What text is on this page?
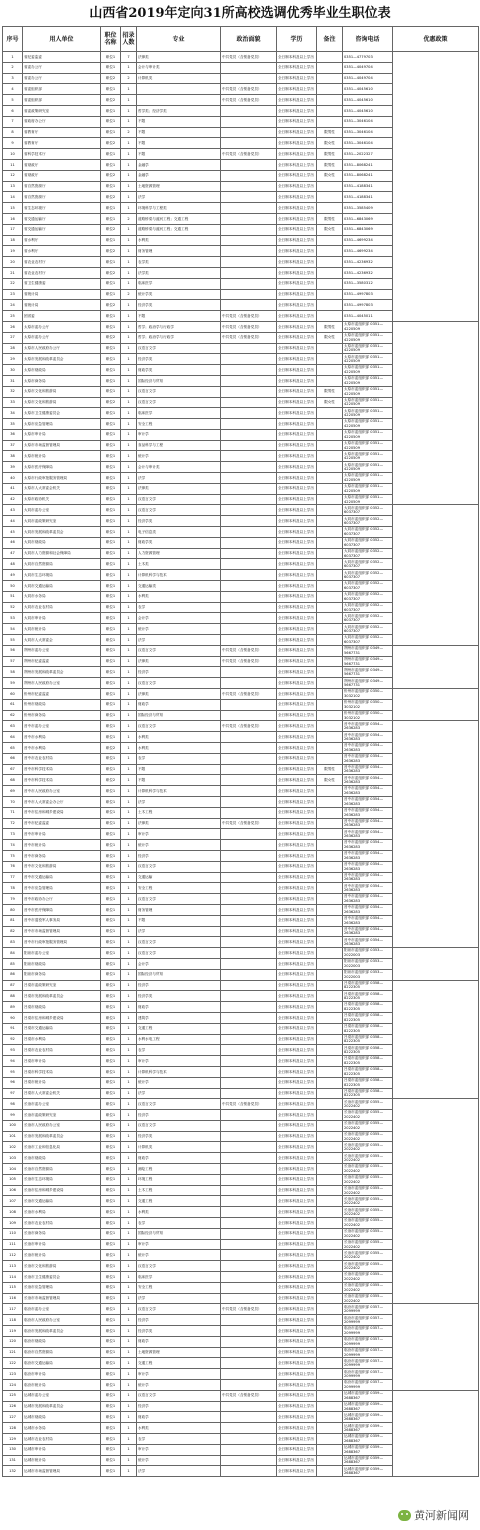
山西省2019年定向31所高校选调优秀毕业生职位表
序号	用人单位	职位名称	招录人数	专业	政治面貌	学历	备注	咨询电话	优惠政策
1	省纪委监委	职位1	7	法律类	中共党员（含预备党员）	全日制本科及以上学历		0351—4779703	
2	省委办公厅	职位1	1	会计与审计类		全日制本科及以上学历		0351—4049704	
3	省委办公厅	职位2	2	计算机类		全日制本科及以上学历		0351—4049704	
4	省委组织部	职位1	1		中共党员（含预备党员）	全日制本科及以上学历		0351—4045610	
5	省委组织部	职位2	1		中共党员（含预备党员）	全日制本科及以上学历		0351—4045610	
6	省委政策研究室	职位1	1	哲学类；经济学类		全日制本科及以上学历		0351—4045610	
7	省政府办公厅	职位1	1	不限		全日制本科及以上学历		0351—3046104	
8	省教育厅	职位1	2	不限		全日制本科及以上学历	限男性	0351—3046104	
9	省教育厅	职位2	1	不限		全日制本科及以上学历	限女性	0351—3046104	
10	省科学技术厅	职位1	1	不限	中共党员（含预备党员）	全日制本科及以上学历	限男性	0351—2022327	
11	省财政厅	职位1	1	金融学		全日制本科及以上学历	限男性	0351—8068241	
12	省财政厅	职位2	1	金融学		全日制本科及以上学历	限女性	0351—8068241	
13	省自然资源厅	职位1	1	土地资源管理		全日制本科及以上学历		0351—4188341	
14	省自然资源厅	职位2	1	法学		全日制本科及以上学历		0351—4188341	
15	省生态环境厅	职位1	1	环境科学与工程类		全日制本科及以上学历		0351—3585409	
16	省交通运输厅	职位1	2	道路桥梁与渡河工程；交通工程		全日制本科及以上学历	限男性	0351—6843069	
17	省交通运输厅	职位2	1	道路桥梁与渡河工程；交通工程		全日制本科及以上学历	限女性	0351—6843069	
18	省水利厅	职位1	1	水利类		全日制本科及以上学历		0351—4699234	
19	省水利厅	职位2	1	财务管理		全日制本科及以上学历		0351—4699234	
20	省农业农村厅	职位1	1	农学类		全日制本科及以上学历		0351—4236932	
21	省农业农村厅	职位2	1	法学类		全日制本科及以上学历		0351—4236932	
22	省卫生健康委	职位1	1	临床医学		全日制本科及以上学历		0351—3580312	
23	省统计局	职位1	2	统计学类		全日制本科及以上学历		0351—4997803	
24	省统计局	职位2	1	经济学类		全日制本科及以上学历		0351—4997803	
25	团省委	职位1	1	不限	中共党员（含预备党员）	全日制本科及以上学历		0351—4045011	
26	太原市委办公厅	职位1	1	哲学；政治学与行政学	中共党员（含预备党员）	全日制本科及以上学历	限男性	太原市委组织部 0351—4220509	
27	太原市委办公厅	职位2	1	哲学；政治学与行政学	中共党员（含预备党员）	全日制本科及以上学历	限女性	太原市委组织部 0351—4220509	
28	太原市人民政府办公厅	职位1	1	汉语言文学		全日制本科及以上学历		太原市委组织部 0351—4220509	
29	太原市发展和改革委员会	职位1	1	经济学类		全日制本科及以上学历		太原市委组织部 0351—4220509	
30	太原市财政局	职位1	1	财政学类		全日制本科及以上学历		太原市委组织部 0351—4220509	
31	太原市商务局	职位1	1	国际经济与贸易		全日制本科及以上学历		太原市委组织部 0351—4220509	
32	太原市文化和旅游局	职位1	1	汉语言文学		全日制本科及以上学历	限男性	太原市委组织部 0351—4220509	
33	太原市文化和旅游局	职位2	1	汉语言文学		全日制本科及以上学历	限女性	太原市委组织部 0351—4220509	
34	太原市卫生健康委员会	职位1	1	临床医学		全日制本科及以上学历		太原市委组织部 0351—4220509	
35	太原市应急管理局	职位1	1	安全工程		全日制本科及以上学历		太原市委组织部 0351—4220509	
36	太原市审计局	职位1	1	审计学		全日制本科及以上学历		太原市委组织部 0351—4220509	
37	太原市市场监督管理局	职位1	1	食品科学与工程		全日制本科及以上学历		太原市委组织部 0351—4220509	
38	太原市统计局	职位1	1	统计学		全日制本科及以上学历		太原市委组织部 0351—4220509	
39	太原市医疗保障局	职位1	1	会计与审计类		全日制本科及以上学历		太原市委组织部 0351—4220509	
40	太原市行政审批服务管理局	职位1	1	法学		全日制本科及以上学历		太原市委组织部 0351—4220509	
41	太原市人大常委会机关	职位1	1	法律类		全日制本科及以上学历		太原市委组织部 0351—4220509	
42	太原市政协机关	职位1	1	汉语言文学		全日制本科及以上学历		太原市委组织部 0351—4220509	
43	大同市委办公室	职位1	1	汉语言文学		全日制本科及以上学历		大同市委组织部 0352—6037307	
44	大同市委政策研究室	职位1	1	经济学类		全日制本科及以上学历		大同市委组织部 0352—6037307	
45	大同市发展和改革委员会	职位1	1	电子信息类		全日制本科及以上学历		大同市委组织部 0352—6037307	
46	大同市财政局	职位1	1	财政学类		全日制本科及以上学历		大同市委组织部 0352—6037307	
47	大同市人力资源和社会保障局	职位1	1	人力资源管理		全日制本科及以上学历		大同市委组织部 0352—6037307	
48	大同市自然资源局	职位1	1	土木类		全日制本科及以上学历		大同市委组织部 0352—6037307	
49	大同市生态环境局	职位1	1	计算机科学与技术		全日制本科及以上学历		大同市委组织部 0352—6037307	
50	大同市交通运输局	职位1	1	交通运输类		全日制本科及以上学历		大同市委组织部 0352—6037307	
51	大同市水务局	职位1	1	水利类		全日制本科及以上学历		大同市委组织部 0352—6037307	
52	大同市农业农村局	职位1	1	农学		全日制本科及以上学历		大同市委组织部 0352—6037307	
53	大同市审计局	职位1	1	会计学		全日制本科及以上学历		大同市委组织部 0352—6037307	
54	大同市统计局	职位1	1	统计学		全日制本科及以上学历		大同市委组织部 0352—6037307	
55	大同市人大常委会	职位1	1	法学		全日制本科及以上学历		大同市委组织部 0352—6037307	
56	朔州市委办公室	职位1	1	汉语言文学	中共党员（含预备党员）	全日制本科及以上学历		朔州市委组织部 0349—5667731	
57	朔州市纪委监委	职位1	1	法律类	中共党员（含预备党员）	全日制本科及以上学历		朔州市委组织部 0349—5667731	
58	朔州市发展和改革委员会	职位1	1	经济学		全日制本科及以上学历		朔州市委组织部 0349—5667731	
59	朔州市人民政府办公室	职位1	1	汉语言文学		全日制本科及以上学历		朔州市委组织部 0349—5667731	
60	忻州市纪委监委	职位1	1	法律类	中共党员（含预备党员）	全日制本科及以上学历		忻州市委组织部 0350—3032102	
61	忻州市财政局	职位1	1	财政学		全日制本科及以上学历		忻州市委组织部 0350—3032102	
62	忻州市商务局	职位1	1	国际经济与贸易		全日制本科及以上学历		忻州市委组织部 0350—3032102	
63	晋中市委办公室	职位1	1	汉语言文学	中共党员（含预备党员）	全日制本科及以上学历		晋中市委组织部 0354—2636283	
64	晋中市水利局	职位1	1	水利类		全日制本科及以上学历		晋中市委组织部 0354—2636283	
65	晋中市水利局	职位2	1	水利类		全日制本科及以上学历		晋中市委组织部 0354—2636283	
66	晋中市农业农村局	职位1	1	农学		全日制本科及以上学历		晋中市委组织部 0354—2636283	
67	晋中市科学技术局	职位1	1	不限		全日制本科及以上学历	限男性	晋中市委组织部 0354—2636283	
68	晋中市科学技术局	职位2	1	不限		全日制本科及以上学历	限女性	晋中市委组织部 0354—2636283	
69	晋中市人民政府办公室	职位1	1	计算机科学与技术		全日制本科及以上学历		晋中市委组织部 0354—2636283	
70	晋中市人大常委会办公厅	职位1	1	法学		全日制本科及以上学历		晋中市委组织部 0354—2636283	
71	晋中市住房和城乡建设局	职位1	1	土木工程		全日制本科及以上学历		晋中市委组织部 0354—2636283	
72	晋中市纪委监委	职位1	1	法律类	中共党员（含预备党员）	全日制本科及以上学历		晋中市委组织部 0354—2636283	
73	晋中市审计局	职位1	1	审计学		全日制本科及以上学历		晋中市委组织部 0354—2636283	
74	晋中市统计局	职位1	1	统计学		全日制本科及以上学历		晋中市委组织部 0354—2636283	
75	晋中市商务局	职位1	1	经济学		全日制本科及以上学历		晋中市委组织部 0354—2636283	
76	晋中市文化和旅游局	职位1	1	汉语言文学		全日制本科及以上学历		晋中市委组织部 0354—2636283	
77	晋中市交通运输局	职位1	1	交通运输		全日制本科及以上学历		晋中市委组织部 0354—2636283	
78	晋中市应急管理局	职位1	1	安全工程		全日制本科及以上学历		晋中市委组织部 0354—2636283	
79	晋中市政协办公厅	职位1	1	汉语言文学		全日制本科及以上学历		晋中市委组织部 0354—2636283	
80	晋中市医疗保障局	职位1	1	财务管理		全日制本科及以上学历		晋中市委组织部 0354—2636283	
81	晋中市退役军人事务局	职位1	1	不限		全日制本科及以上学历		晋中市委组织部 0354—2636283	
82	晋中市市场监督管理局	职位1	1	法学		全日制本科及以上学历		晋中市委组织部 0354—2636283	
83	晋中市行政审批服务管理局	职位1	1	汉语言文学		全日制本科及以上学历		晋中市委组织部 0354—2636283	
84	阳泉市委办公室	职位1	1	汉语言文学		全日制本科及以上学历		阳泉市委组织部 0353—2022003	
85	阳泉市财政局	职位1	1	会计学		全日制本科及以上学历		阳泉市委组织部 0353—2022003	
86	阳泉市商务局	职位1	1	国际经济与贸易		全日制本科及以上学历		阳泉市委组织部 0353—2022003	
87	吕梁市委政策研究室	职位1	1	经济学		全日制本科及以上学历		吕梁市委组织部 0358—8222305	
88	吕梁市发展和改革委员会	职位1	1	经济学类		全日制本科及以上学历		吕梁市委组织部 0358—8222305	
89	吕梁市财政局	职位1	1	财政学		全日制本科及以上学历		吕梁市委组织部 0358—8222305	
90	吕梁市住房和城乡建设局	职位1	1	建筑学		全日制本科及以上学历		吕梁市委组织部 0358—8222305	
91	吕梁市交通运输局	职位1	1	交通工程		全日制本科及以上学历		吕梁市委组织部 0358—8222305	
92	吕梁市水利局	职位1	1	水利水电工程		全日制本科及以上学历		吕梁市委组织部 0358—8222305	
93	吕梁市农业农村局	职位1	1	农学		全日制本科及以上学历		吕梁市委组织部 0358—8222305	
94	吕梁市审计局	职位1	1	审计学		全日制本科及以上学历		吕梁市委组织部 0358—8222305	
95	吕梁市科学技术局	职位1	1	计算机科学与技术		全日制本科及以上学历		吕梁市委组织部 0358—8222305	
96	吕梁市统计局	职位1	1	统计学		全日制本科及以上学历		吕梁市委组织部 0358—8222305	
97	吕梁市人大常委会机关	职位1	1	法学		全日制本科及以上学历		吕梁市委组织部 0358—8222305	
98	长治市委办公室	职位1	1	汉语言文学	中共党员（含预备党员）	全日制本科及以上学历		长治市委组织部 0355—2022402	
99	长治市委政策研究室	职位1	1	经济学		全日制本科及以上学历		长治市委组织部 0355—2022402	
100	长治市人民政府办公室	职位1	1	汉语言文学		全日制本科及以上学历		长治市委组织部 0355—2022402	
101	长治市发展和改革委员会	职位1	1	经济学类		全日制本科及以上学历		长治市委组织部 0355—2022402	
102	长治市工业和信息化局	职位1	1	计算机类		全日制本科及以上学历		长治市委组织部 0355—2022402	
103	长治市财政局	职位1	1	财政学		全日制本科及以上学历		长治市委组织部 0355—2022402	
104	长治市自然资源局	职位1	1	测绘工程		全日制本科及以上学历		长治市委组织部 0355—2022402	
105	长治市生态环境局	职位1	1	环境工程		全日制本科及以上学历		长治市委组织部 0355—2022402	
106	长治市住房和城乡建设局	职位1	1	土木工程		全日制本科及以上学历		长治市委组织部 0355—2022402	
107	长治市交通运输局	职位1	1	交通工程		全日制本科及以上学历		长治市委组织部 0355—2022402	
108	长治市水利局	职位1	1	水利类		全日制本科及以上学历		长治市委组织部 0355—2022402	
109	长治市农业农村局	职位1	1	农学		全日制本科及以上学历		长治市委组织部 0355—2022402	
110	长治市商务局	职位1	1	国际经济与贸易		全日制本科及以上学历		长治市委组织部 0355—2022402	
111	长治市审计局	职位1	1	审计学		全日制本科及以上学历		长治市委组织部 0355—2022402	
112	长治市统计局	职位1	1	统计学		全日制本科及以上学历		长治市委组织部 0355—2022402	
113	长治市文化和旅游局	职位1	1	汉语言文学		全日制本科及以上学历		长治市委组织部 0355—2022402	
114	长治市卫生健康委员会	职位1	1	临床医学		全日制本科及以上学历		长治市委组织部 0355—2022402	
115	长治市应急管理局	职位1	1	安全工程		全日制本科及以上学历		长治市委组织部 0355—2022402	
116	长治市市场监督管理局	职位1	1	法学		全日制本科及以上学历		长治市委组织部 0355—2022402	
117	临汾市委办公室	职位1	1	汉语言文学	中共党员（含预备党员）	全日制本科及以上学历		临汾市委组织部 0357—2099999	
118	临汾市人民政府办公室	职位1	1	经济学		全日制本科及以上学历		临汾市委组织部 0357—2099999	
119	临汾市发展和改革委员会	职位1	1	经济学类		全日制本科及以上学历		临汾市委组织部 0357—2099999	
120	临汾市财政局	职位1	1	财政学		全日制本科及以上学历		临汾市委组织部 0357—2099999	
121	临汾市自然资源局	职位1	1	土地资源管理		全日制本科及以上学历		临汾市委组织部 0357—2099999	
122	临汾市交通运输局	职位1	1	交通工程		全日制本科及以上学历		临汾市委组织部 0357—2099999	
123	临汾市审计局	职位1	1	审计学		全日制本科及以上学历		临汾市委组织部 0357—2099999	
124	临汾市统计局	职位1	1	统计学		全日制本科及以上学历		临汾市委组织部 0357—2099999	
125	运城市委办公室	职位1	1	汉语言文学	中共党员（含预备党员）	全日制本科及以上学历		运城市委组织部 0359—2688367	
126	运城市发展和改革委员会	职位1	1	经济学		全日制本科及以上学历		运城市委组织部 0359—2688367	
127	运城市财政局	职位1	1	财政学		全日制本科及以上学历		运城市委组织部 0359—2688367	
128	运城市水务局	职位1	1	水利类		全日制本科及以上学历		运城市委组织部 0359—2688367	
129	运城市农业农村局	职位1	1	农学		全日制本科及以上学历		运城市委组织部 0359—2688367	
130	运城市审计局	职位1	1	审计学		全日制本科及以上学历		运城市委组织部 0359—2688367	
131	运城市统计局	职位1	1	统计学		全日制本科及以上学历		运城市委组织部 0359—2688367	
132	运城市市场监督管理局	职位1	1	法学		全日制本科及以上学历		运城市委组织部 0359—2688367	
黄河新闻网
